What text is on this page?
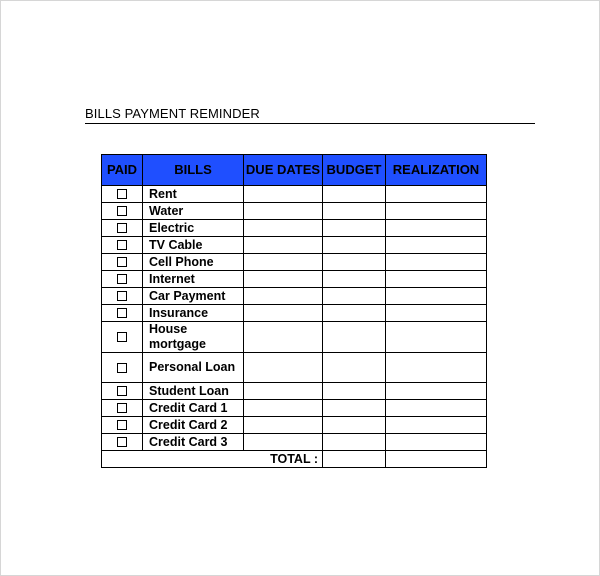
BILLS PAYMENT REMINDER
PAID	BILLS	DUE DATES	BUDGET	REALIZATION
	Rent			
	Water			
	Electric			
	TV Cable			
	Cell Phone			
	Internet			
	Car Payment			
	Insurance			
	House mortgage			
	Personal Loan			
	Student Loan			
	Credit Card 1			
	Credit Card 2			
	Credit Card 3			
TOTAL :				
